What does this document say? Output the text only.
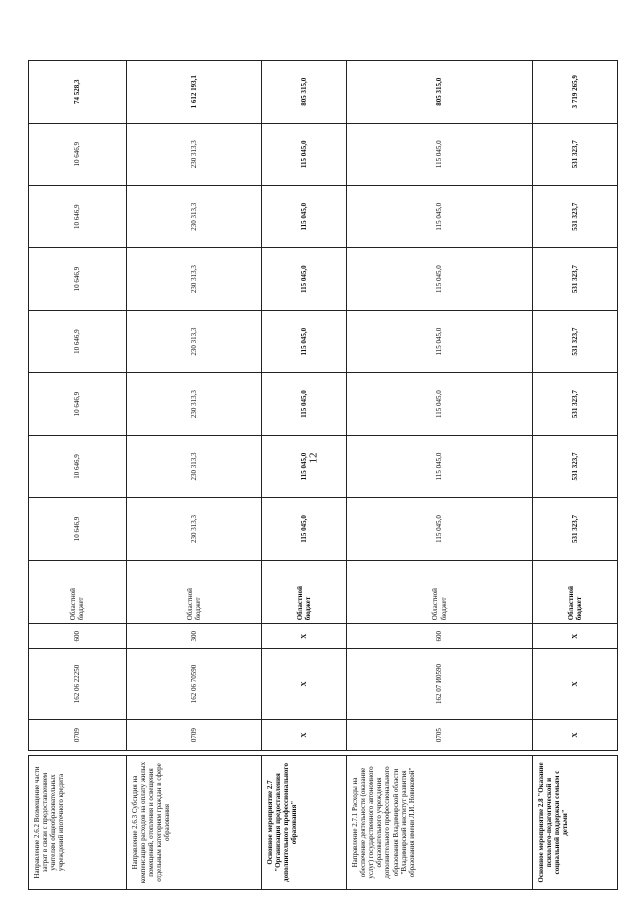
12
Направление 2.6.2 Возмещение части затрат в связи с предоставлением учителям общеобразовательных учреждений ипотечного кредита		0709	162 06 22250	600	Областной бюджет	10 646,9	10 646,9	10 646,9	10 646,9	10 646,9	10 646,9	10 646,9	74 528,3
Направление 2.6.3 Субсидия на компенсацию расходов на оплату жилых помещений, отопления и освещения отдельным категориям граждан в сфере образования		0709	162 06 70590	300	Областной бюджет	230 313,3	230 313,3	230 313,3	230 313,3	230 313,3	230 313,3	230 313,3	1 612 193,1
Основное мероприятие 2.7 "Организация предоставления дополнительного профессионального образования"		Х	Х	Х	Областной бюджет	115 045,0	115 045,0	115 045,0	115 045,0	115 045,0	115 045,0	115 045,0	805 315,0
Направление 2.7.1 Расходы на обеспечение деятельности (оказание услуг) государственного автономного образовательного учреждения дополнительного профессионального образования Владимирской области "Владимирский институт развития образования имени Л.И. Новиковой"		0705	162 07 И0590	600	Областной бюджет	115 045,0	115 045,0	115 045,0	115 045,0	115 045,0	115 045,0	115 045,0	805 315,0
Основное мероприятие 2.8 "Оказание психолого-педагогической и социальной поддержки семьям с детьми"		Х	Х	Х	Областной бюджет	531 323,7	531 323,7	531 323,7	531 323,7	531 323,7	531 323,7	531 323,7	3 719 265,9
